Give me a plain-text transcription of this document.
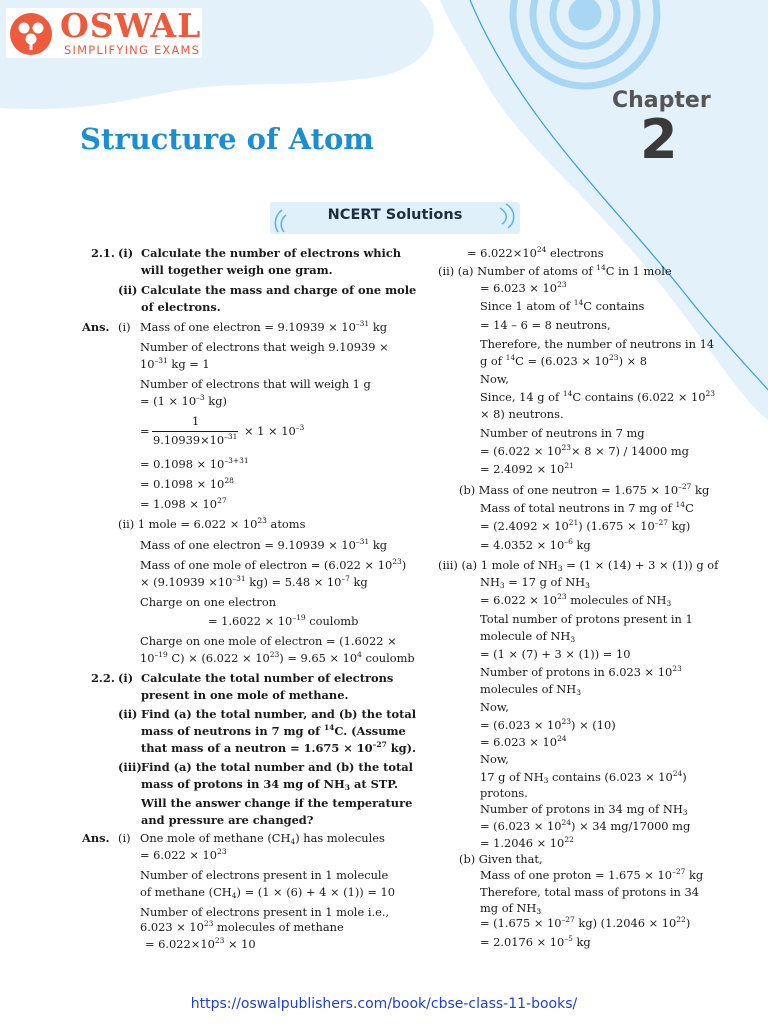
OSWAL
SIMPLIFYING EXAMS
Chapter
2
Structure of Atom
NCERT Solutions
2.1. (i) Calculate the number of electrons which
will together weigh one gram.
(ii) Calculate the mass and charge of one mole
of electrons.
Ans. (i) Mass of one electron = $9.10939 \times 10^{-31}$ kg
Number of electrons that weigh 9.10939 ×
$10^{-31}$ kg = 1
Number of electrons that will weigh 1 g
= ($1 \times 10^{-3}$ kg)
=
1
$9.10939\times 10^{-31} \times 1 \times 10^{-3}$
= $0.1098 \times 10^{-3+31}$
= $0.1098 \times 10^{28}$
= $1.098 \times 10^{27}$
(ii) 1 mole = $6.022 \times 10^{23}$ atoms
Mass of one electron = $9.10939 \times 10^{-31}$ kg
Mass of one mole of electron = $(6.022 \times 10^{23})$
× ($9.10939 \times 10^{-31}$ $kg) = 5.48 \times 10^{-7}$ kg
Charge on one electron
= $1.6022 \times 10^{-19}$ coulomb
Charge on one mole of electron = (1.6022 ×
$10^{-19}$ $C) \times (6.022 \times 10^{23}) = 9.65 \times 10^4$ coulomb
2.2. (i) Calculate the total number of electrons
present in one mole of methane.
(ii) Find (a) the total number, and (b) the total
mass of neutrons in 7 mg of $^{14}$C. (Assume
that mass of a neutron = $1.675 \times 10^{-27}$ kg).
(iii) Find (a) the total number and (b) the total
mass of protons in 34 mg of $NH_3$ at STP.
Will the answer change if the temperature
and pressure are changed?
Ans. (i) One mole of methane $(CH_4)$ has molecules
= $6.022 \times 10^{23}$
Number of electrons present in 1 molecule
of methane $(CH_4) = (1 \times (6) + 4 \times (1)) = 10$
Number of electrons present in 1 mole i.e.,
$6.023 \times 10^{23}$ molecules of methane
= $6.022\times 10^{23} \times 10$
= $6.022\times 10^{24}$ electrons
(ii) (a) Number of atoms of $^{14}$C in 1 mole
= $6.023 \times 10^{23}$
Since 1 atom of $^{14}$C contains
= 14 – 6 = 8 neutrons,
Therefore, the number of neutrons in 14
g of $^{14}C = (6.023 \times 10^{23}) \times 8$
Now,
Since, 14 g of $^{14}$C contains ($6.022 \times 10^{23}$
× 8) neutrons.
Number of neutrons in 7 mg
= $(6.022 \times 10^{23}\times 8 \times 7) / 14000$ mg
= $2.4092 \times 10^{21}$
(b) Mass of one neutron = $1.675 \times 10^{-27}$ kg
Mass of total neutrons in 7 mg of $^{14}$C
= $(2.4092 \times 10^{21})$ ($1.675 \times 10^{-27}$ kg)
= $4.0352 \times 10^{-6}$ kg
(iii) (a) 1 mole of $NH_3 = (1 \times (14) + 3 \times (1))$ g of
$NH_3 = 17$ g of $NH_3$
= $6.022 \times 10^{23}$ molecules of $NH_3$
Total number of protons present in 1
molecule of $NH_3$
= (1 × (7) + 3 × (1)) = 10
Number of protons in $6.023 \times 10^{23}$
molecules of $NH_3$
Now,
= $(6.023 \times 10^{23}) \times (10)$
= $6.023 \times 10^{24}$
Now,
17 g of $NH_3$ contains $(6.023 \times 10^{24})$
protons.
Number of protons in 34 mg of $NH_3$
= $(6.023 \times 10^{24}) \times 34$ mg/17000 mg
= $1.2046 \times 10^{22}$
(b) Given that,
Mass of one proton = $1.675 \times 10^{-27}$ kg
Therefore, total mass of protons in 34
mg of $NH_3$
= ($1.675 \times 10^{-27}$ kg) $(1.2046 \times 10^{22})$
= $2.0176 \times 10^{-5}$ kg
https://oswalpublishers.com/book/cbse-class-11-books/
